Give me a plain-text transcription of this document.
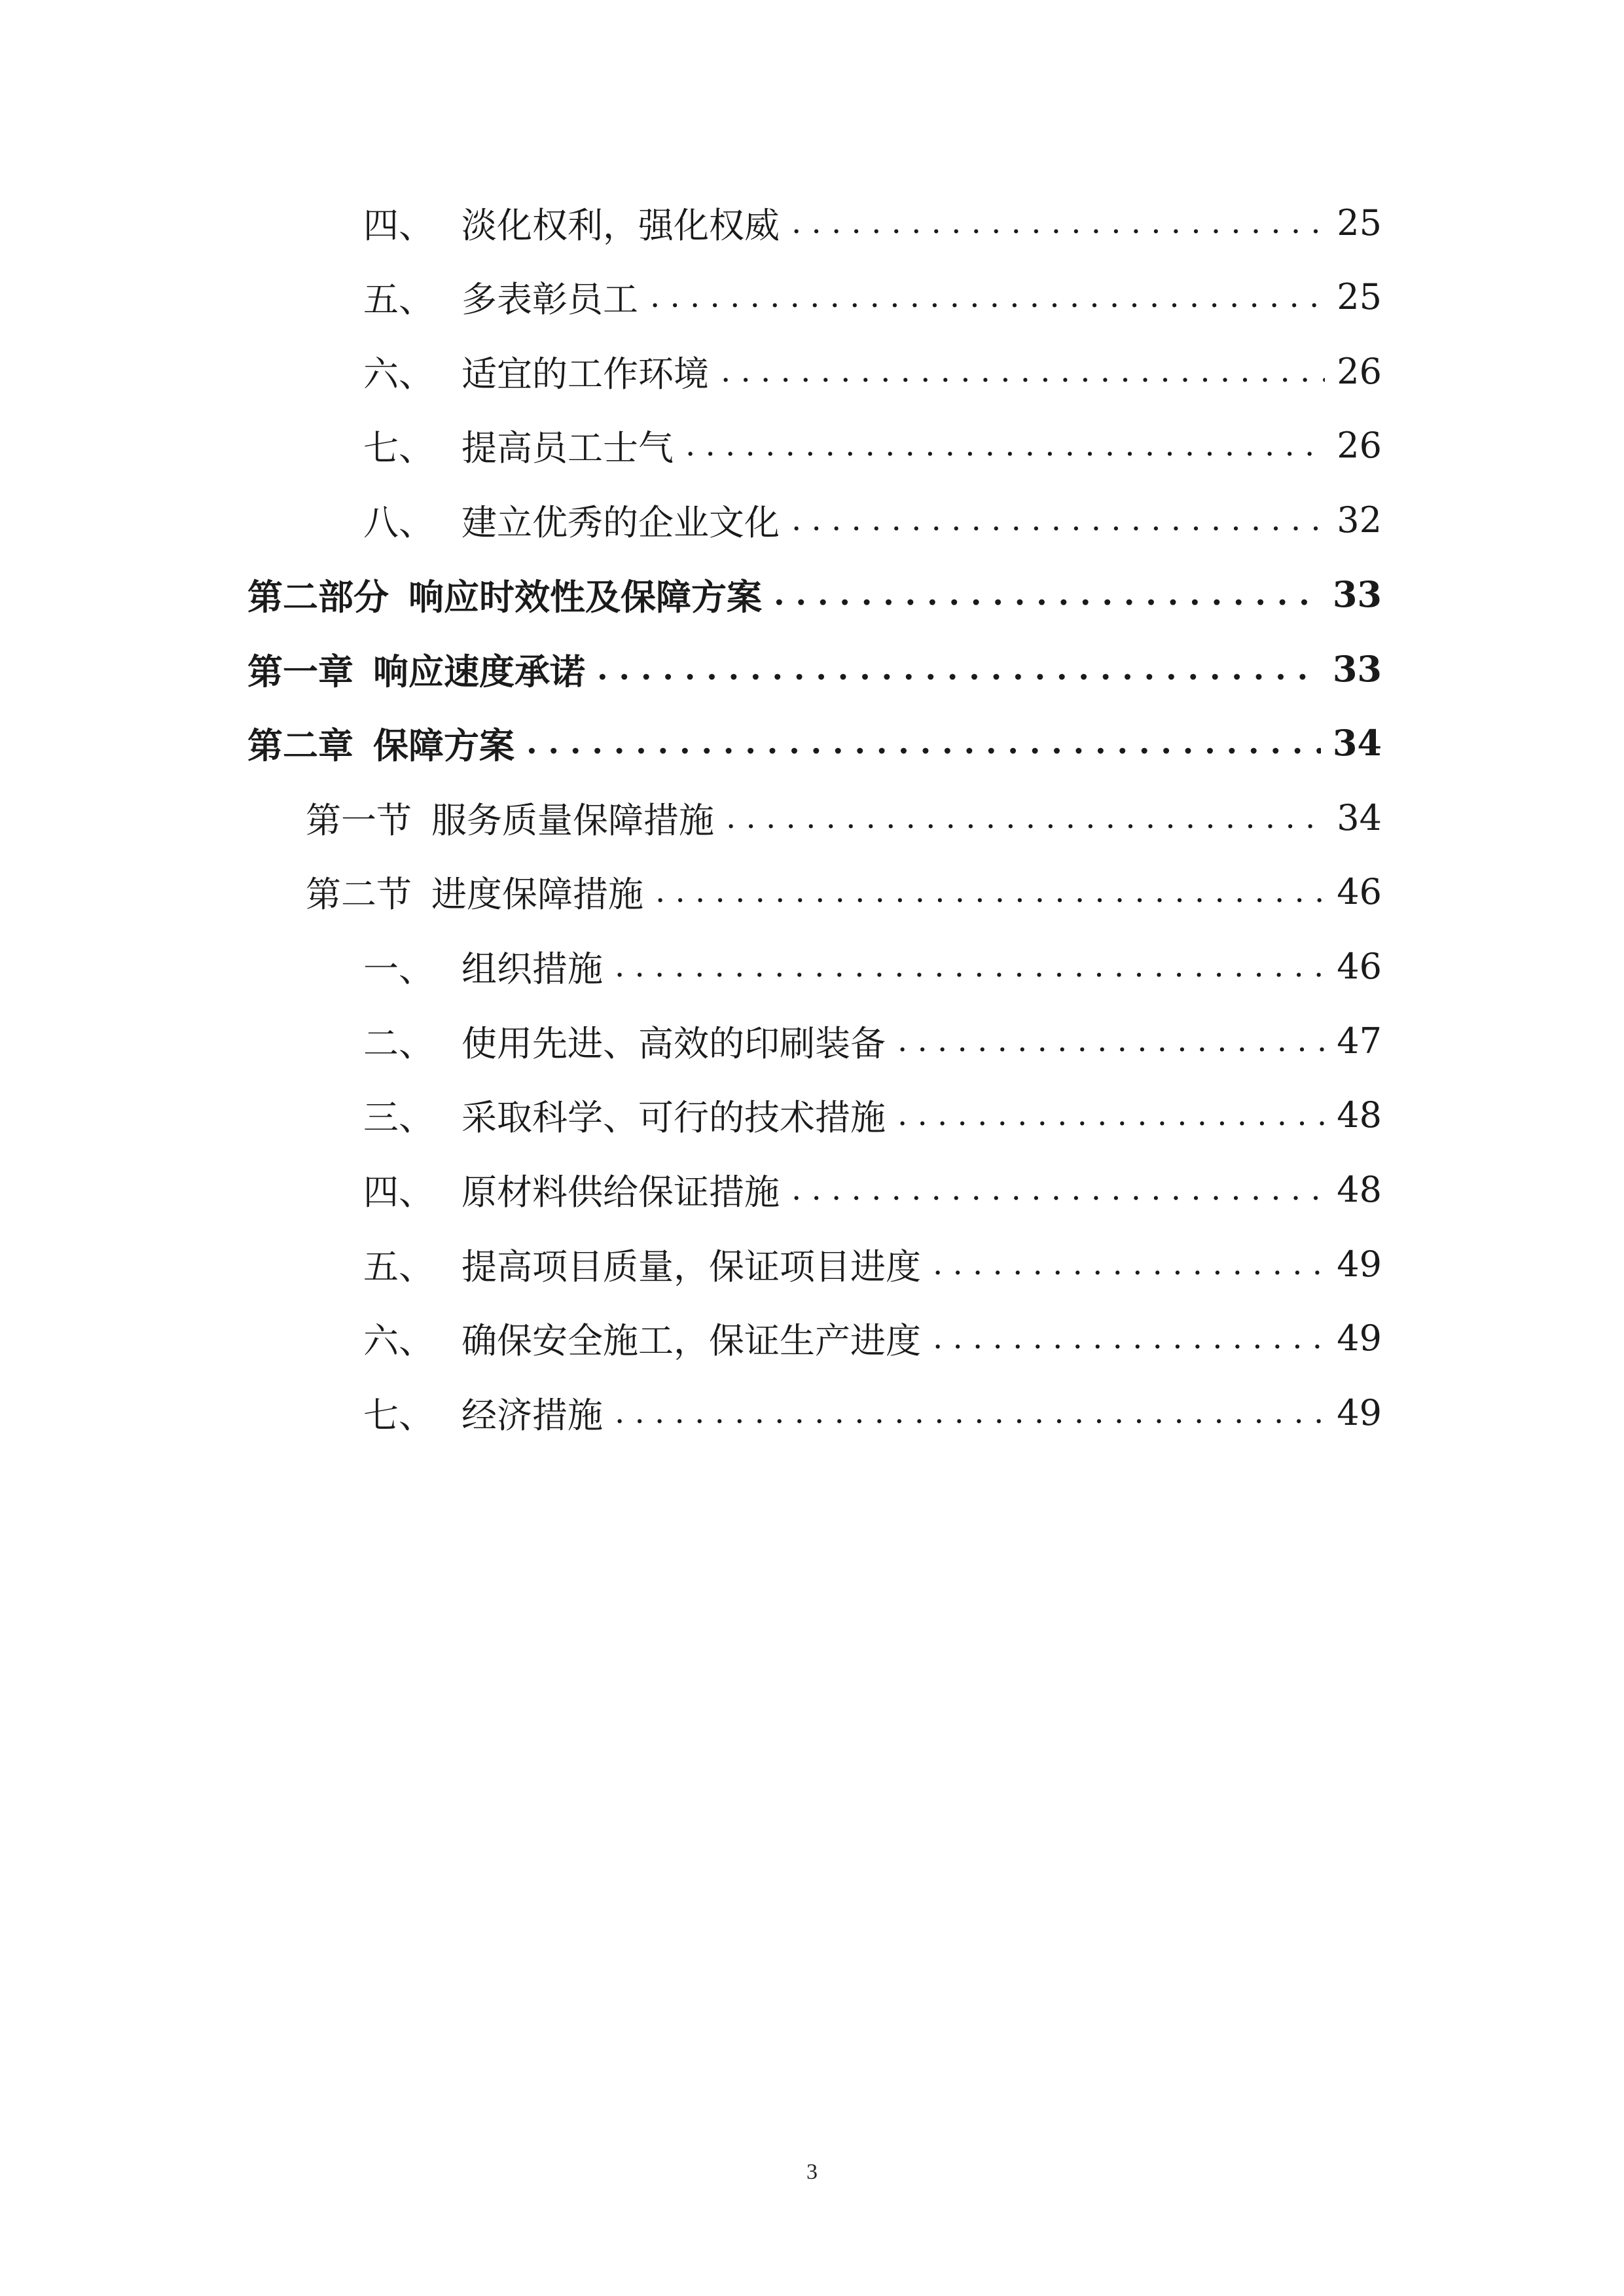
四、 淡化权利，强化权威 . . .	25
五、 多表彰员工 . . .	25
六、 适宜的工作环境 . . .	26
七、 提高员工士气 . . .	26
八、 建立优秀的企业文化 . . .	32
第二部分 响应时效性及保障方案 . . .	33
第一章 响应速度承诺 . . .	33
第二章 保障方案 . . .	34
第一节 服务质量保障措施 . . .	34
第二节 进度保障措施 . . .	46
一、 组织措施 . . .	46
二、 使用先进、高效的印刷装备 . . .	47
三、 采取科学、可行的技术措施 . . .	48
四、 原材料供给保证措施 . . .	48
五、 提高项目质量，保证项目进度 . . .	49
六、 确保安全施工，保证生产进度 . . .	49
七、 经济措施 . . .	49
3
